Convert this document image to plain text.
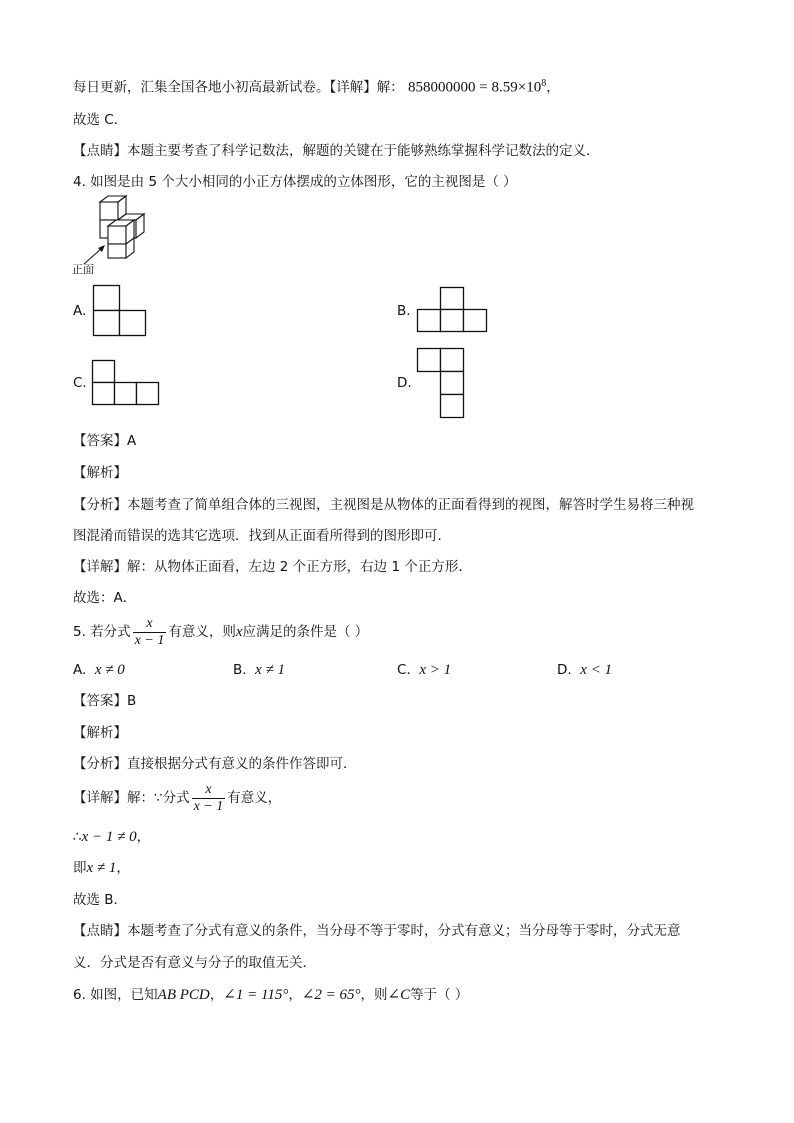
每日更新，汇集全国各地小初高最新试卷。【详解】解： $858000000 = 8.59\times 10^8$，
故选 C．
【点睛】本题主要考查了科学记数法，解题的关键在于能够熟练掌握科学记数法的定义．
4. 如图是由 5 个大小相同的小正方体摆成的立体图形，它的主视图是（ ）
正面
A.	B.
C.	D.
【答案】A
【解析】
【分析】本题考查了简单组合体的三视图，主视图是从物体的正面看得到的视图，解答时学生易将三种视
图混淆而错误的选其它选项．找到从正面看所得到的图形即可．
【详解】解：从物体正面看，左边 2 个正方形，右边 1 个正方形．
故选：A．
5. 若分式 $\frac{x}{x - 1}$ 有意义，则x应满足的条件是（ ）
A. x ≠ 0	B. x ≠ 1	C. x > 1	D. x < 1
【答案】B
【解析】
【分析】直接根据分式有意义的条件作答即可．
【详解】解：∵分式 $\frac{x}{x - 1}$ 有意义，
∴x − 1 ≠ 0，
即x ≠ 1，
故选 B．
【点睛】本题考查了分式有意义的条件，当分母不等于零时，分式有意义；当分母等于零时，分式无意
义．分式是否有意义与分子的取值无关．
6. 如图，已知AB PCD，∠1 = 115°，∠2 = 65°，则∠C等于（ ）
